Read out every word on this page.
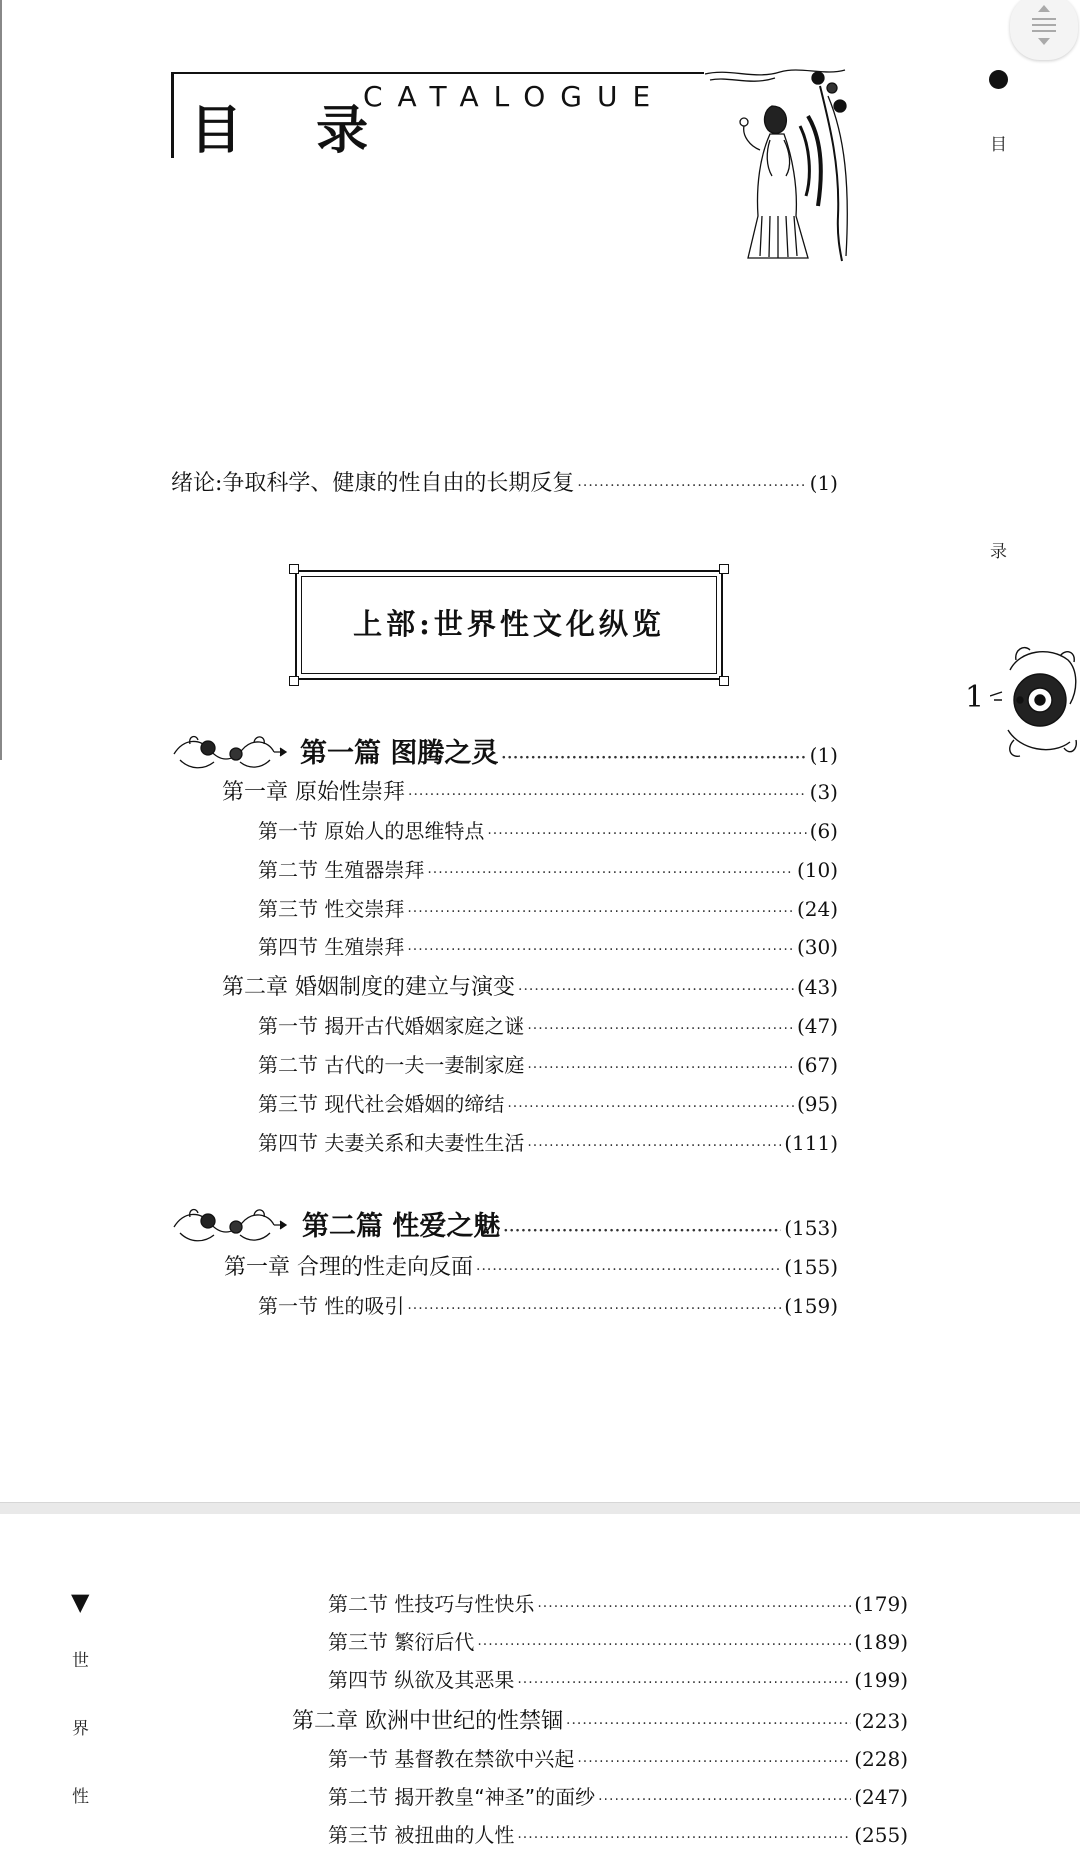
目 录
CATALOGUE
目
录
1
绪论:争取科学、健康的性自由的长期反复 ·····	(1)
上部:世界性文化纵览
第一篇 图腾之灵 ·····	(1)
第一章 原始性崇拜 ·····	(3)
第一节 原始人的思维特点 ·····	(6)
第二节 生殖器崇拜 ·····	(10)
第三节 性交崇拜 ·····	(24)
第四节 生殖崇拜 ·····	(30)
第二章 婚姻制度的建立与演变 ·····	(43)
第一节 揭开古代婚姻家庭之谜 ·····	(47)
第二节 古代的一夫一妻制家庭 ·····	(67)
第三节 现代社会婚姻的缔结 ·····	(95)
第四节 夫妻关系和夫妻性生活 ·····	(111)
第二篇 性爱之魅 ·····	(153)
第一章 合理的性走向反面 ·····	(155)
第一节 性的吸引 ·····	(159)
▼
世
界
性
第二节 性技巧与性快乐 ·····	(179)
第三节 繁衍后代 ·····	(189)
第四节 纵欲及其恶果 ·····	(199)
第二章 欧洲中世纪的性禁锢 ·····	(223)
第一节 基督教在禁欲中兴起 ·····	(228)
第二节 揭开教皇“神圣”的面纱 ·····	(247)
第三节 被扭曲的人性 ·····	(255)
